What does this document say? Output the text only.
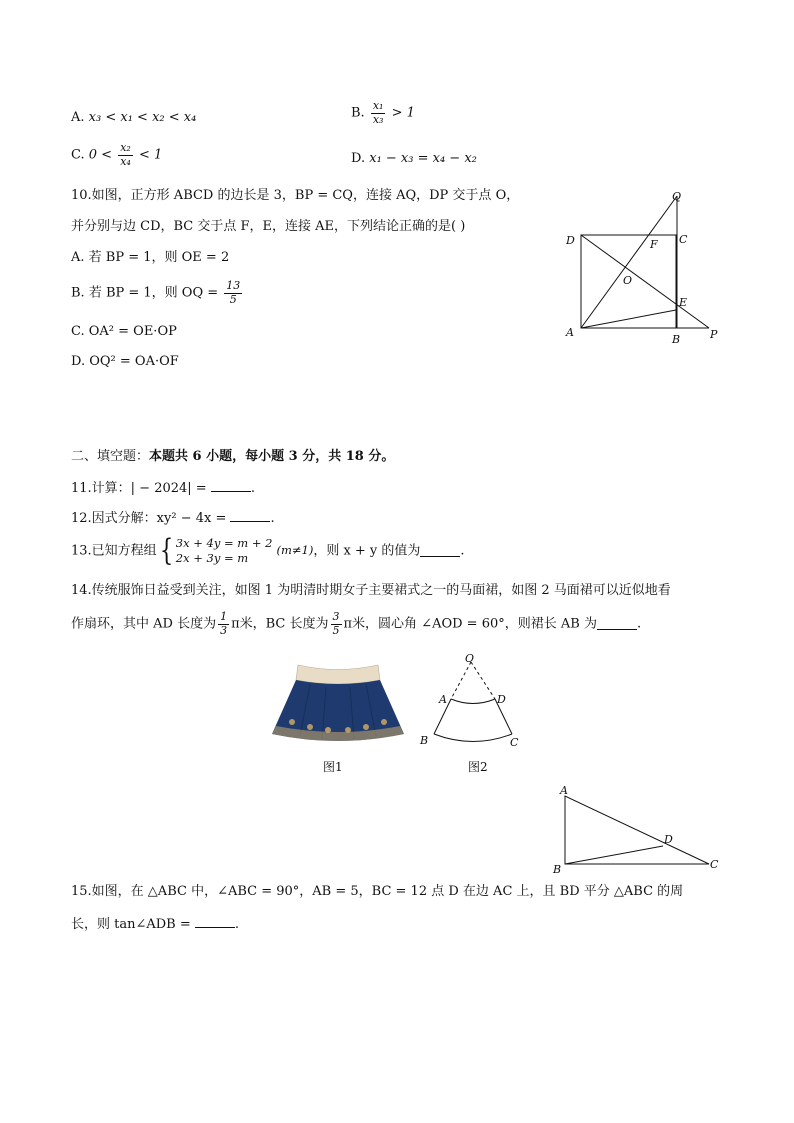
A. x₃ < x₁ < x₂ < x₄	B. $\frac{\text{x₁}}{\text{x₃}} > 1$
C. $0 < \frac{\text{x₂}}{\text{x₄}} < 1$	D. x₁ − x₃ = x₄ − x₂
10.如图，正方形 ABCD 的边长是 3，BP = CQ，连接 AQ，DP 交于点 O，
并分别与边 CD，BC 交于点 F，E，连接 AE，下列结论正确的是( )
A. 若 BP = 1，则 OE = 2
B. 若 BP = 1，则 OQ = $\frac{13}{5}$
C. OA² = OE·OP
D. OQ² = OA·OF
Q
D	C
F
O
E
A
B	P
二、填空题：本题共 6 小题，每小题 3 分，共 18 分。
11.计算：| − 2024| =	.
12.因式分解：xy² − 4x =	.
13.已知方程组{ 3x + 4y = m + 2
2x + 3y = m
(m≠1)，则 x + y 的值为	.
14.传统服饰日益受到关注，如图 1 为明清时期女子主要裙式之一的马面裙，如图 2 马面裙可以近似地看
作扇环，其中 AD 长度为 $\frac{1}{3}$ π米，BC 长度为 $\frac{3}{5}$ π米，圆心角 ∠AOD = 60°，则裙长 AB 为	.
图1
O
A	D
B	C
图2
A
B	C
D
15.如图，在 △ABC 中，∠ABC = 90°，AB = 5，BC = 12 点 D 在边 AC 上，且 BD 平分 △ABC 的周
长，则 tan∠ADB =	.
